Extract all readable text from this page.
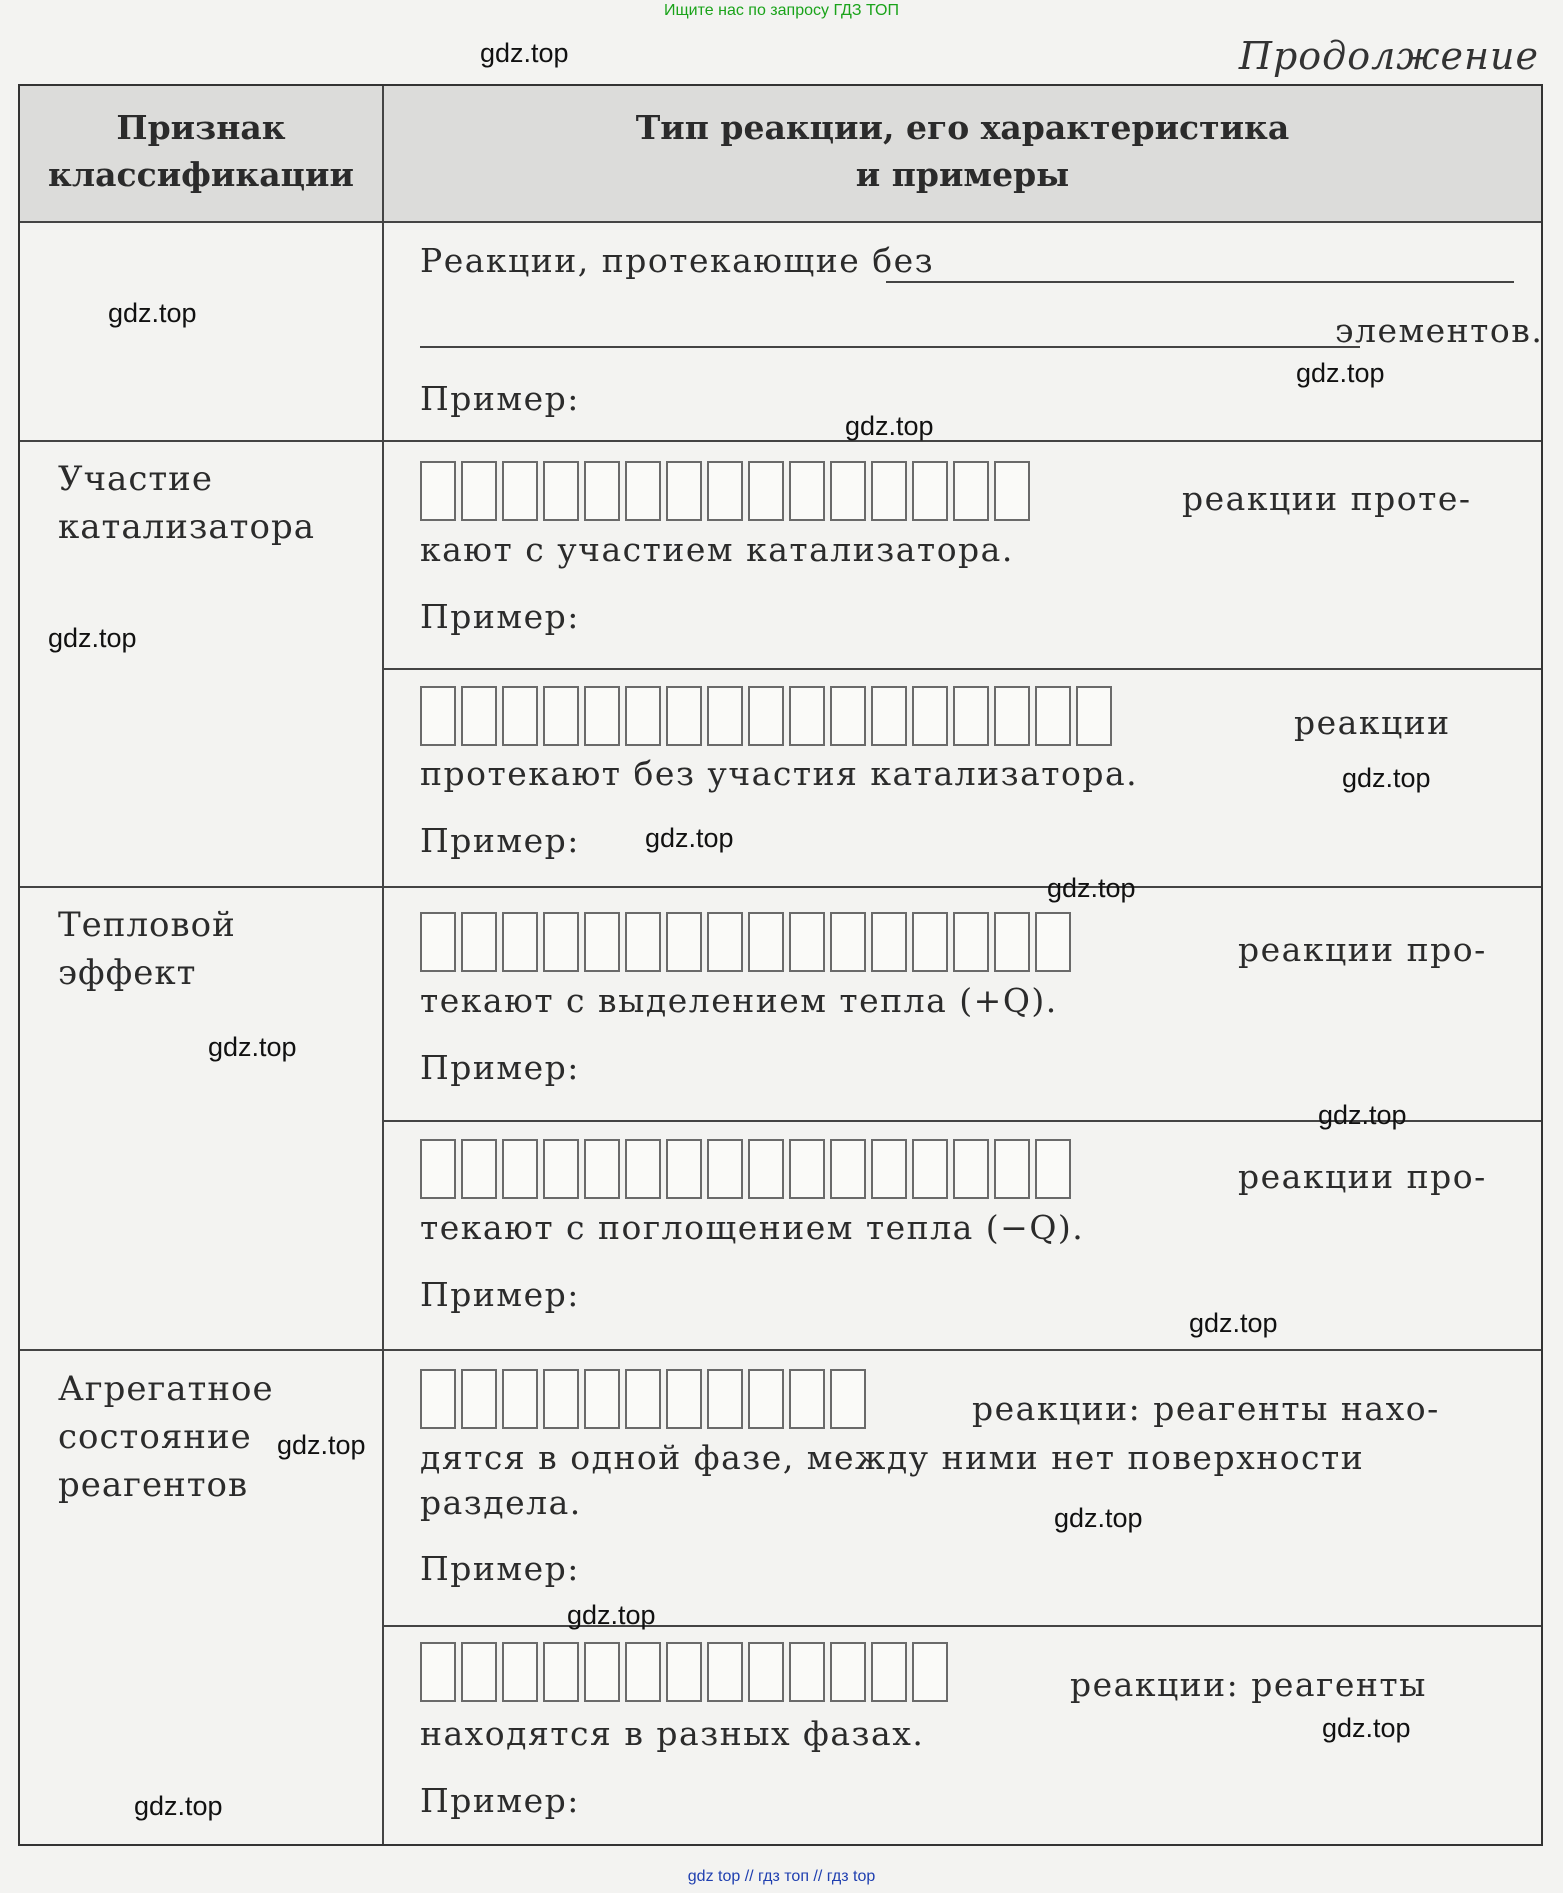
Ищите нас по запросу ГДЗ ТОП
Продолжение
Признак
классификации
Тип реакции, его характеристика
и примеры
Реакции, протекающие без
элементов.
Пример:
Участие
катализатора
реакции проте-
кают с участием катализатора.
Пример:
реакции
протекают без участия катализатора.
Пример:
Тепловой
эффект
реакции про-
текают с выделением тепла (+Q).
Пример:
реакции про-
текают с поглощением тепла (−Q).
Пример:
Агрегатное
состояние
реагентов
реакции: реагенты нахо-
дятся в одной фазе, между ними нет поверхности
раздела.
Пример:
реакции: реагенты
находятся в разных фазах.
Пример:
gdz.top
gdz.top
gdz.top
gdz.top
gdz.top
gdz.top
gdz.top
gdz.top
gdz.top
gdz.top
gdz.top
gdz.top
gdz.top
gdz.top
gdz.top
gdz.top
gdz top // гдз топ // гдз top
